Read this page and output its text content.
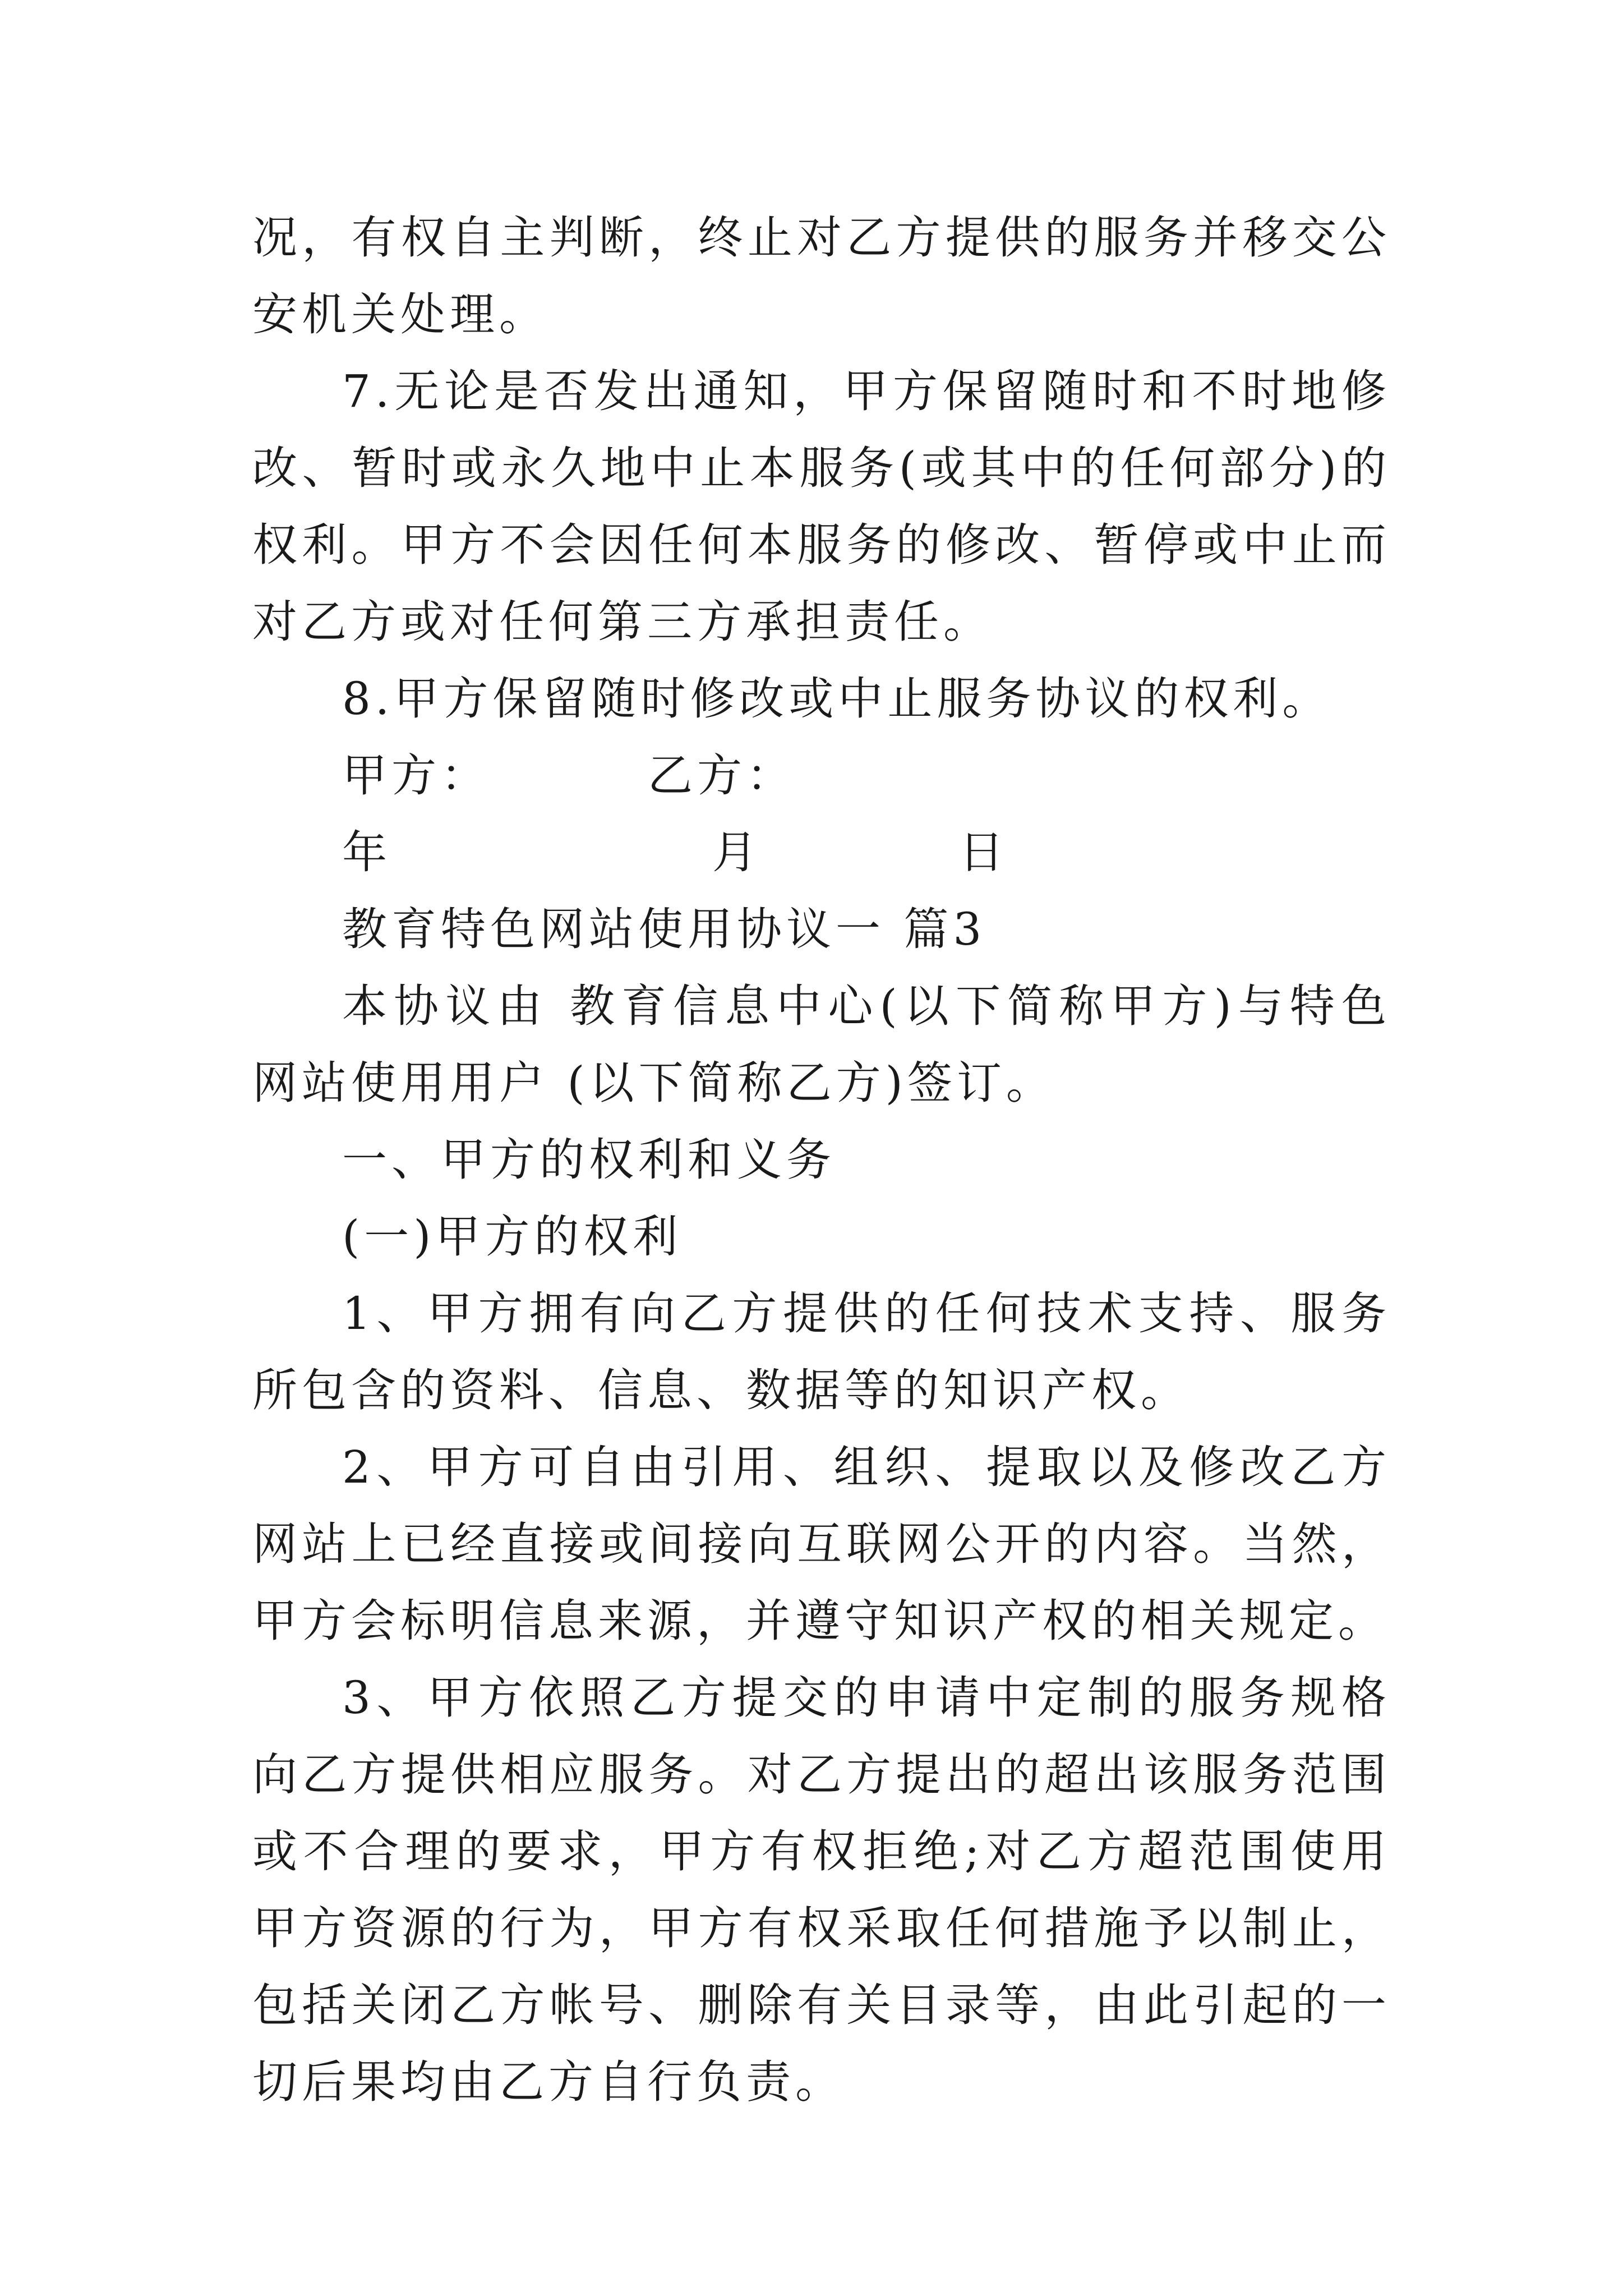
况，有权自主判断，终止对乙方提供的服务并移交公安机关处理。

7.无论是否发出通知，甲方保留随时和不时地修改、暂时或永久地中止本服务(或其中的任何部分)的权利。甲方不会因任何本服务的修改、暂停或中止而对乙方或对任何第三方承担责任。

8.甲方保留随时修改或中止服务协议的权利。

甲方：	乙方：
年	月	日

教育特色网站使用协议一 篇3

本协议由 教育信息中心(以下简称甲方)与特色网站使用用户 (以下简称乙方)签订。

一、甲方的权利和义务

(一)甲方的权利

1、甲方拥有向乙方提供的任何技术支持、服务所包含的资料、信息、数据等的知识产权。

2、甲方可自由引用、组织、提取以及修改乙方网站上已经直接或间接向互联网公开的内容。当然，甲方会标明信息来源，并遵守知识产权的相关规定。

3、甲方依照乙方提交的申请中定制的服务规格向乙方提供相应服务。对乙方提出的超出该服务范围或不合理的要求，甲方有权拒绝;对乙方超范围使用甲方资源的行为，甲方有权采取任何措施予以制止，包括关闭乙方帐号、删除有关目录等，由此引起的一切后果均由乙方自行负责。
